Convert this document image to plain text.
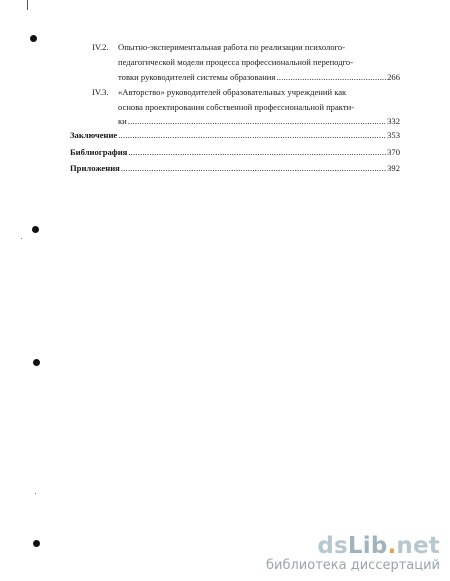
IV.2. Опытно-экспериментальная работа по реализации психолого-
педагогической модели процесса профессиональной переподго-
товки руководителей системы образования .....	266
IV.3. «Авторство» руководителей образовательных учреждений как
основа проектирования собственной профессиональной практи-
ки .....	332
Заключение .....	353
Библиография .....	370
Приложения .....	392
dsLib.net
библиотека диссертаций
